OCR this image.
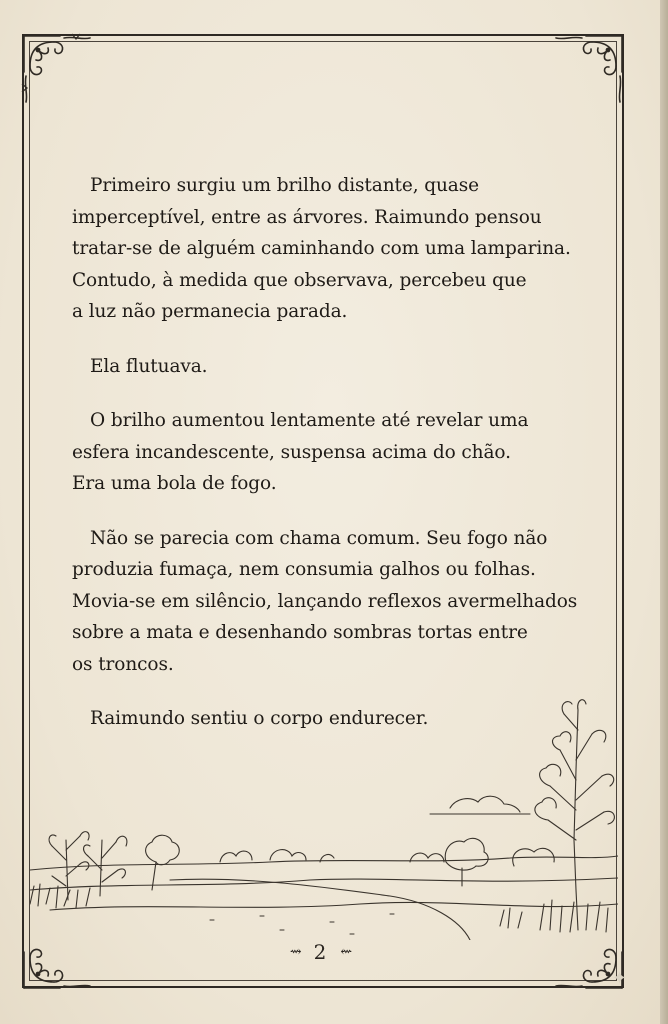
Primeiro surgiu um brilho distante, quase
imperceptível, entre as árvores. Raimundo pensou
tratar-se de alguém caminhando com uma lamparina.
Contudo, à medida que observava, percebeu que
a luz não permanecia parada.

Ela flutuava.

O brilho aumentou lentamente até revelar uma
esfera incandescente, suspensa acima do chão.
Era uma bola de fogo.

Não se parecia com chama comum. Seu fogo não
produzia fumaça, nem consumia galhos ou folhas.
Movia-se em silêncio, lançando reflexos avermelhados
sobre a mata e desenhando sombras tortas entre
os troncos.

Raimundo sentiu o corpo endurecer.

⇝ 2 ⇜
✦
